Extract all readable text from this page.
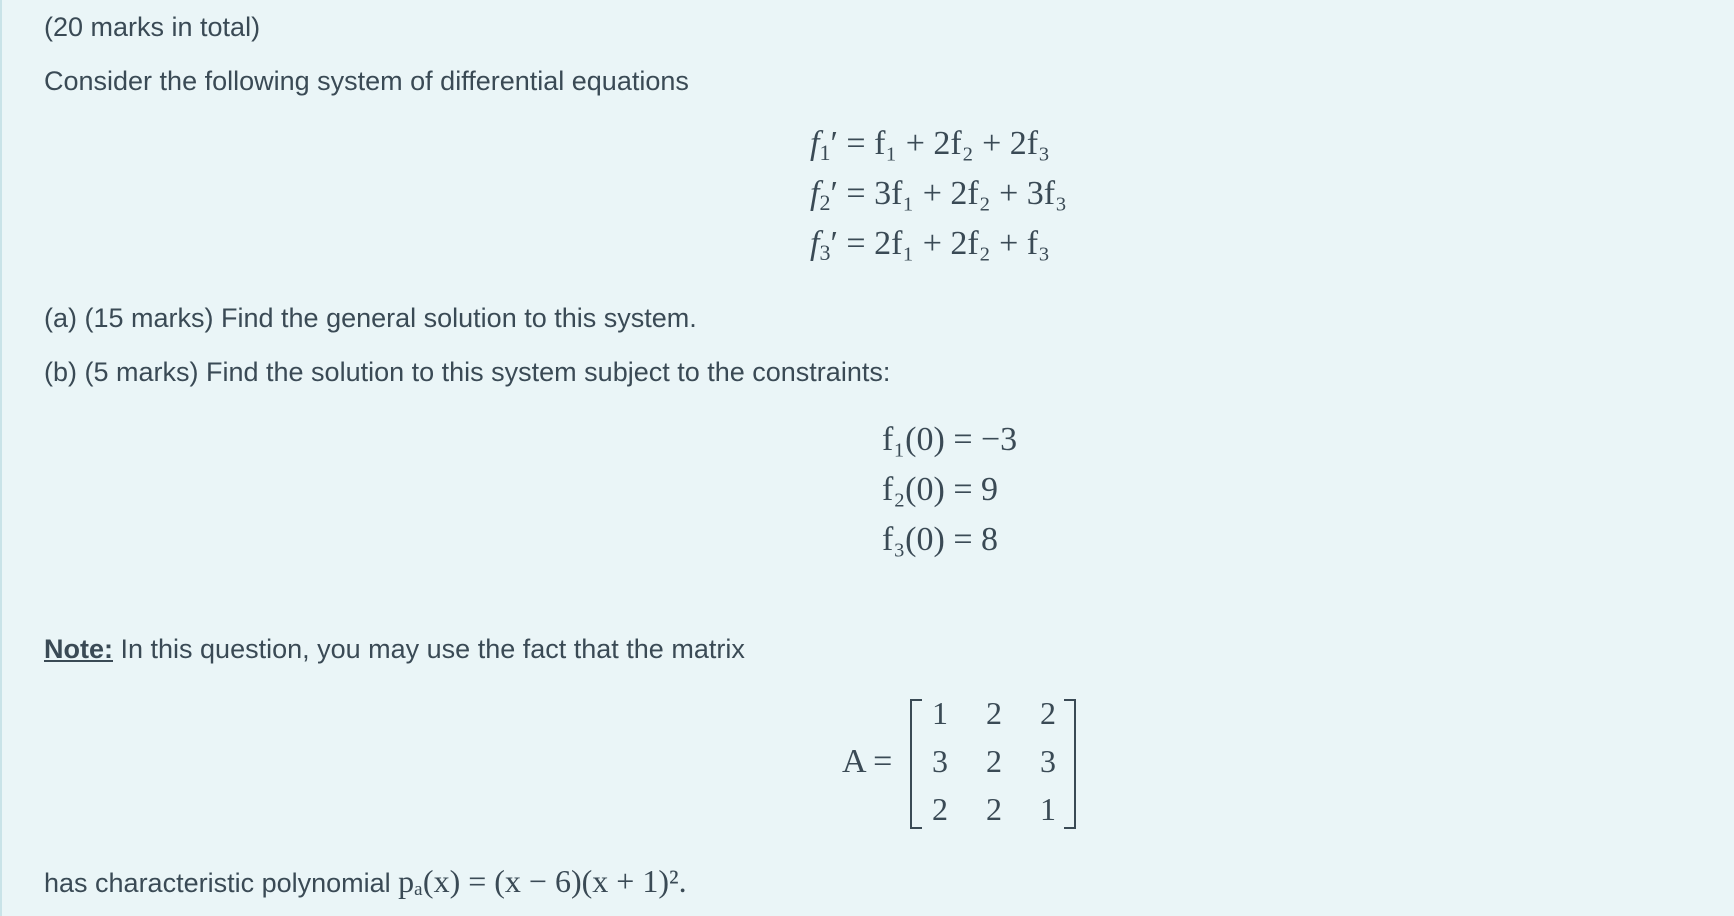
(20 marks in total)
Consider the following system of differential equations
$f_1' = f_1 + 2f_2 + 2f_3$
$f_2' = 3f_1 + 2f_2 + 3f_3$
$f_3' = 2f_1 + 2f_2 + f_3$
(a) (15 marks) Find the general solution to this system.
(b) (5 marks) Find the solution to this system subject to the constraints:
f₁(0) = −3
f₂(0) = 9
f₃(0) = 8
Note: In this question, you may use the fact that the matrix
A =
1	2	2
3	2	3
2	2	1
has characteristic polynomial pₐ(x) = (x − 6)(x + 1)².
